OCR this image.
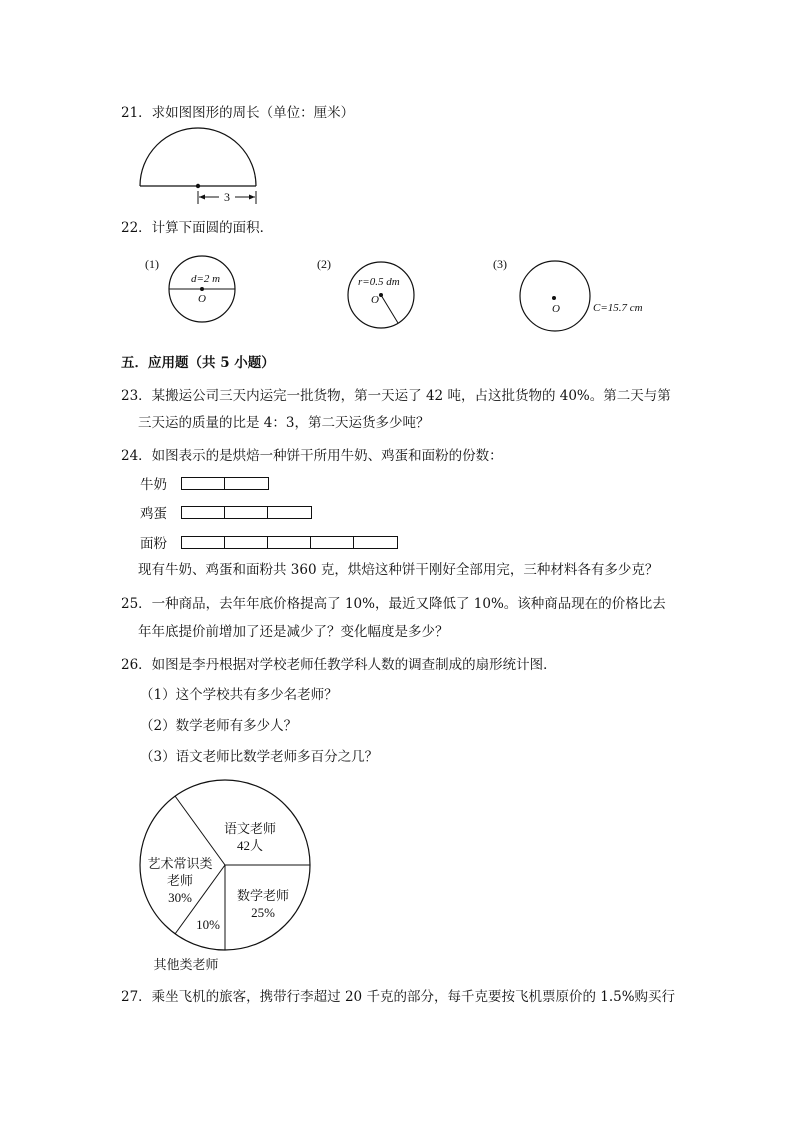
21．求如图图形的周长（单位：厘米）
3
22．计算下面圆的面积．
(1)
d=2 m
O
(2)
r=0.5 dm
O
(3)
O	C=15.7 cm
五．应用题（共 5 小题）
23．某搬运公司三天内运完一批货物，第一天运了 42 吨，占这批货物的 40%。第二天与第
三天运的质量的比是 4：3，第二天运货多少吨？
24．如图表示的是烘焙一种饼干所用牛奶、鸡蛋和面粉的份数：
牛奶
鸡蛋
面粉
现有牛奶、鸡蛋和面粉共 360 克，烘焙这种饼干刚好全部用完，三种材料各有多少克？
25．一种商品，去年年底价格提高了 10%，最近又降低了 10%。该种商品现在的价格比去
年年底提价前增加了还是减少了？变化幅度是多少？
26．如图是李丹根据对学校老师任教学科人数的调查制成的扇形统计图．
（1）这个学校共有多少名老师？
（2）数学老师有多少人？
（3）语文老师比数学老师多百分之几？
语文老师
42人
数学老师
25%
艺术常识类
老师
30%
10%
其他类老师
27．乘坐飞机的旅客，携带行李超过 20 千克的部分，每千克要按飞机票原价的 1.5%购买行
